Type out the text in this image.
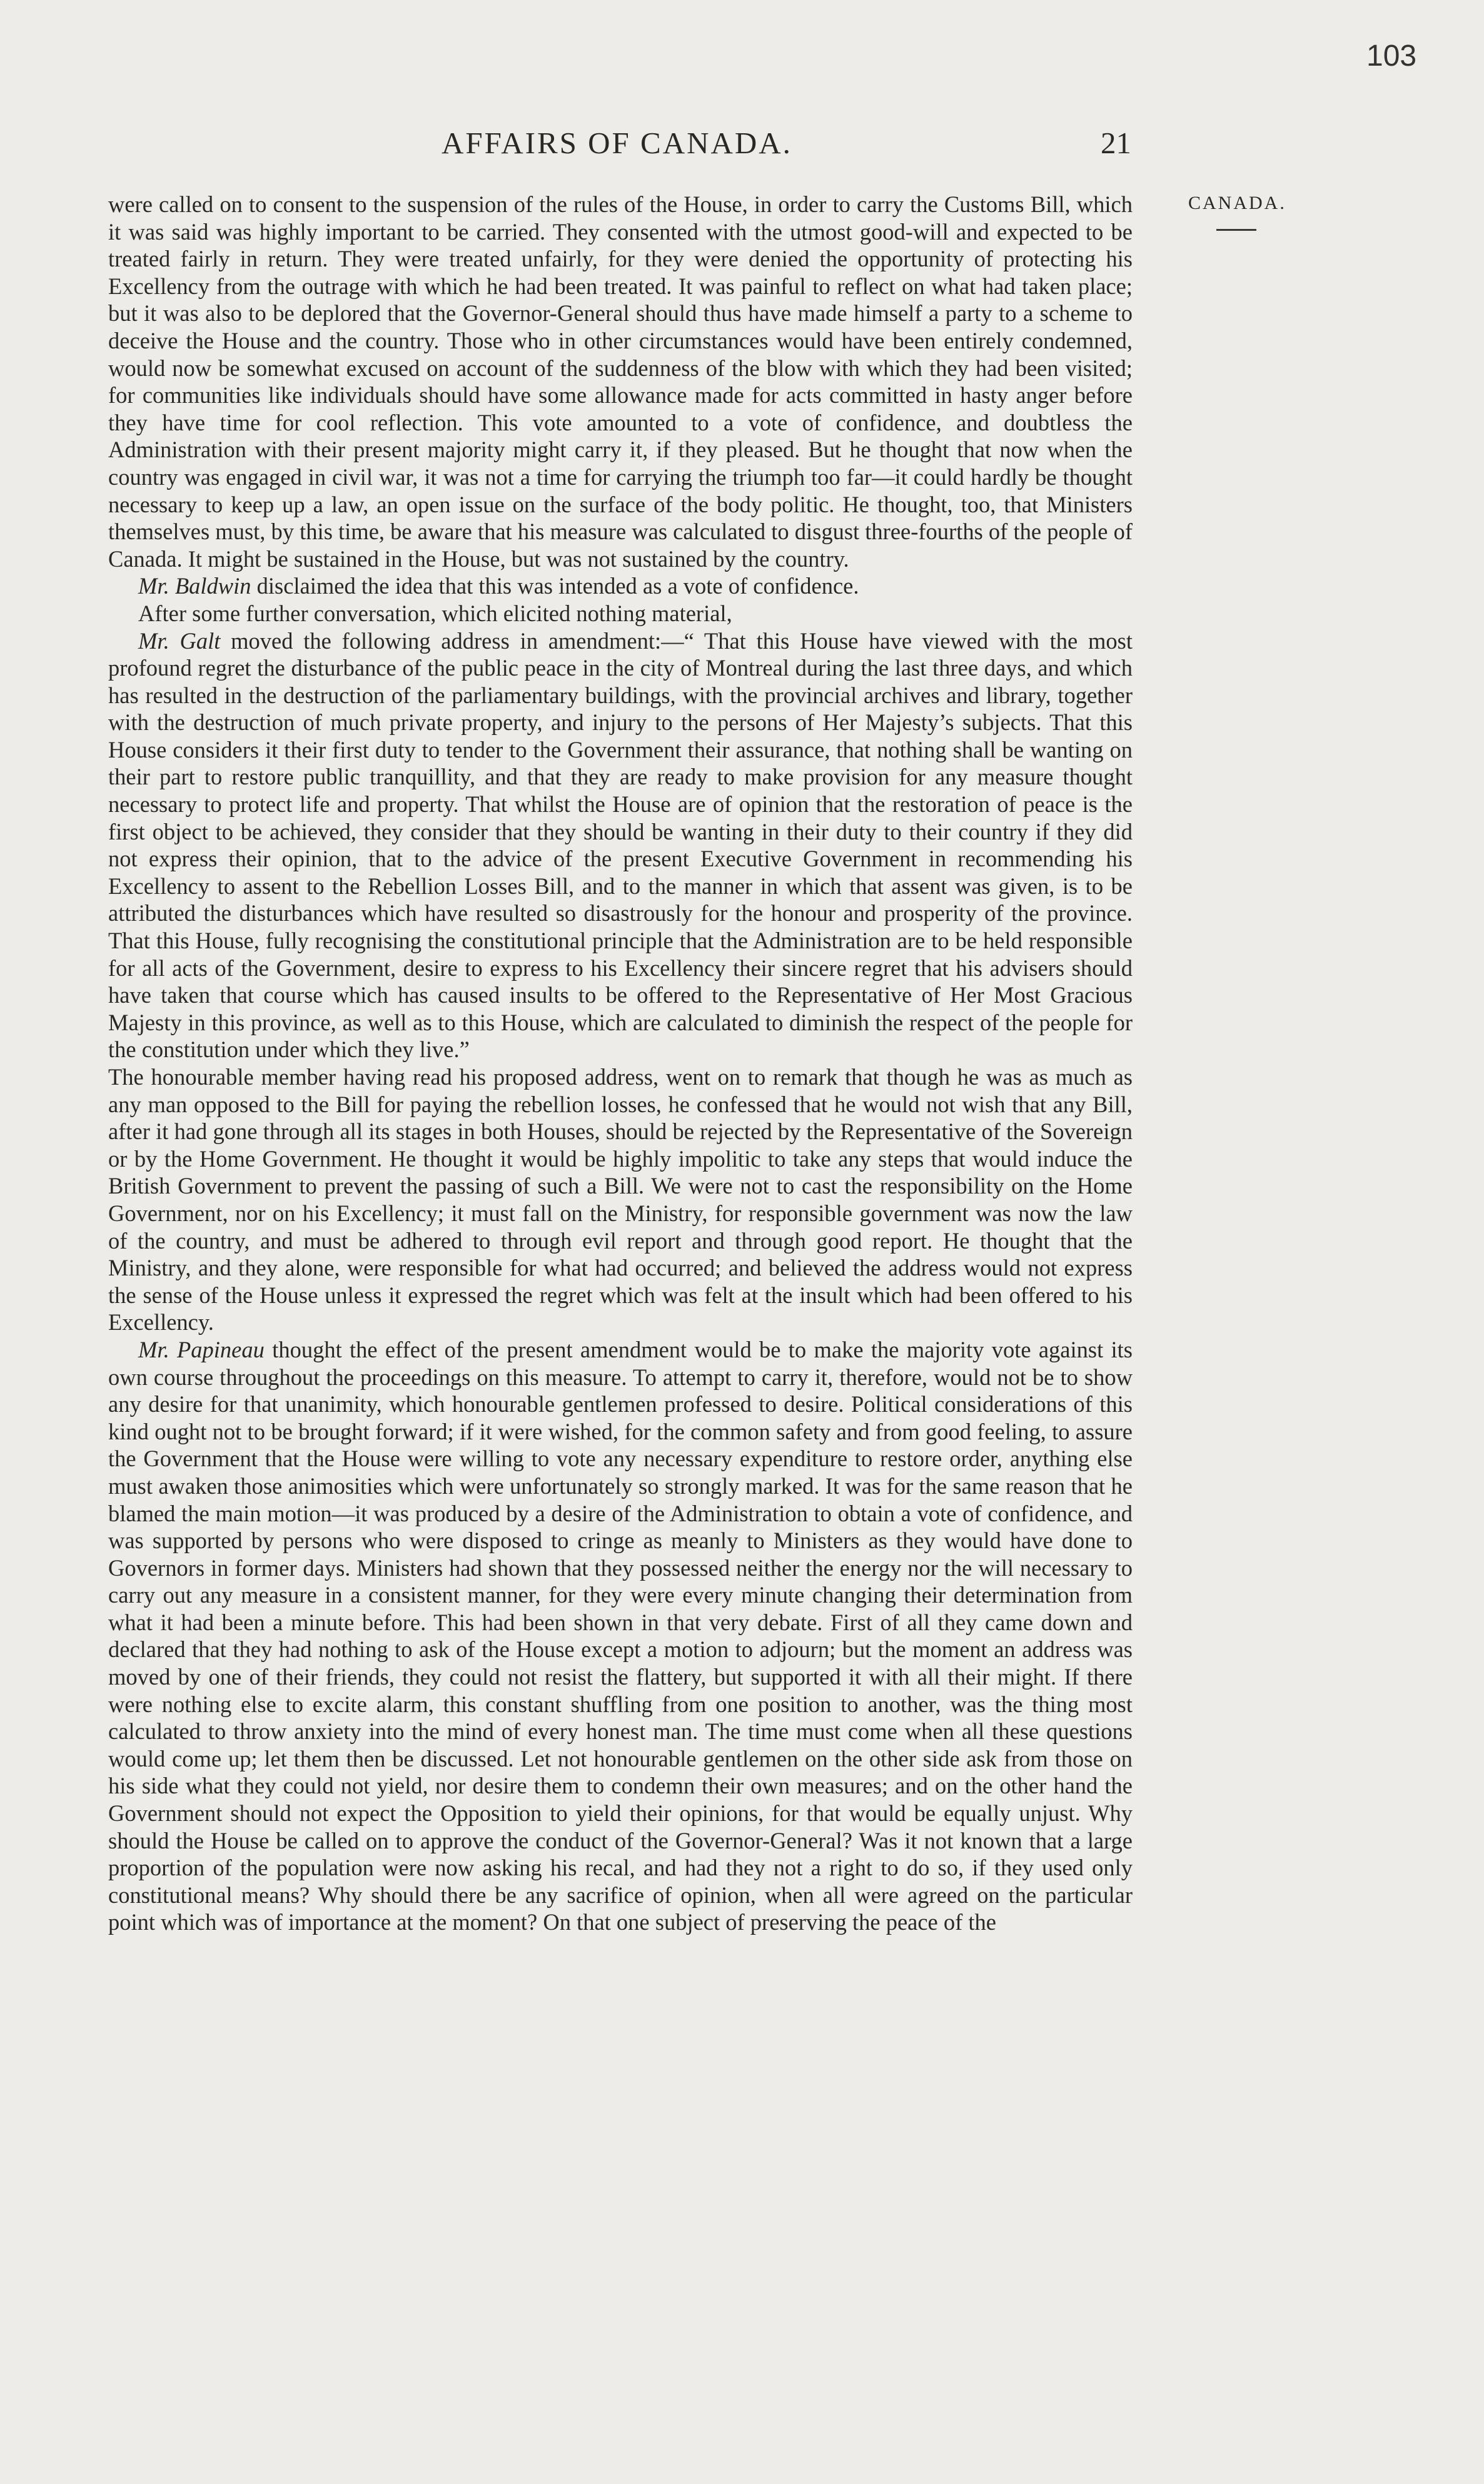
103
AFFAIRS OF CANADA.	21
CANADA.

were called on to consent to the suspension of the rules of the House, in order to carry the Customs Bill, which it was said was highly important to be carried. They consented with the utmost good-will and expected to be treated fairly in return. They were treated unfairly, for they were denied the opportunity of protecting his Excellency from the outrage with which he had been treated. It was painful to reflect on what had taken place; but it was also to be deplored that the Governor-General should thus have made himself a party to a scheme to deceive the House and the country. Those who in other circumstances would have been entirely condemned, would now be somewhat excused on account of the suddenness of the blow with which they had been visited; for communities like individuals should have some allowance made for acts committed in hasty anger before they have time for cool reflection. This vote amounted to a vote of confidence, and doubtless the Administration with their present majority might carry it, if they pleased. But he thought that now when the country was engaged in civil war, it was not a time for carrying the triumph too far—it could hardly be thought necessary to keep up a law, an open issue on the surface of the body politic. He thought, too, that Ministers themselves must, by this time, be aware that his measure was calculated to disgust three-fourths of the people of Canada. It might be sustained in the House, but was not sustained by the country.

Mr. Baldwin disclaimed the idea that this was intended as a vote of confidence.

After some further conversation, which elicited nothing material,

Mr. Galt moved the following address in amendment:—“ That this House have viewed with the most profound regret the disturbance of the public peace in the city of Montreal during the last three days, and which has resulted in the destruction of the parliamentary buildings, with the provincial archives and library, together with the destruction of much private property, and injury to the persons of Her Majesty’s subjects. That this House considers it their first duty to tender to the Government their assurance, that nothing shall be wanting on their part to restore public tranquillity, and that they are ready to make provision for any measure thought necessary to protect life and property. That whilst the House are of opinion that the restoration of peace is the first object to be achieved, they consider that they should be wanting in their duty to their country if they did not express their opinion, that to the advice of the present Executive Government in recommending his Excellency to assent to the Rebellion Losses Bill, and to the manner in which that assent was given, is to be attributed the disturbances which have resulted so disastrously for the honour and prosperity of the province. That this House, fully recognising the constitutional principle that the Administration are to be held responsible for all acts of the Government, desire to express to his Excellency their sincere regret that his advisers should have taken that course which has caused insults to be offered to the Representative of Her Most Gracious Majesty in this province, as well as to this House, which are calculated to diminish the respect of the people for the constitution under which they live.”

The honourable member having read his proposed address, went on to remark that though he was as much as any man opposed to the Bill for paying the rebellion losses, he confessed that he would not wish that any Bill, after it had gone through all its stages in both Houses, should be rejected by the Representative of the Sovereign or by the Home Government. He thought it would be highly impolitic to take any steps that would induce the British Government to prevent the passing of such a Bill. We were not to cast the responsibility on the Home Government, nor on his Excellency; it must fall on the Ministry, for responsible government was now the law of the country, and must be adhered to through evil report and through good report. He thought that the Ministry, and they alone, were responsible for what had occurred; and believed the address would not express the sense of the House unless it expressed the regret which was felt at the insult which had been offered to his Excellency.

Mr. Papineau thought the effect of the present amendment would be to make the majority vote against its own course throughout the proceedings on this measure. To attempt to carry it, therefore, would not be to show any desire for that unanimity, which honourable gentlemen professed to desire. Political considerations of this kind ought not to be brought forward; if it were wished, for the common safety and from good feeling, to assure the Government that the House were willing to vote any necessary expenditure to restore order, anything else must awaken those animosities which were unfortunately so strongly marked. It was for the same reason that he blamed the main motion—it was produced by a desire of the Administration to obtain a vote of confidence, and was supported by persons who were disposed to cringe as meanly to Ministers as they would have done to Governors in former days. Ministers had shown that they possessed neither the energy nor the will necessary to carry out any measure in a consistent manner, for they were every minute changing their determination from what it had been a minute before. This had been shown in that very debate. First of all they came down and declared that they had nothing to ask of the House except a motion to adjourn; but the moment an address was moved by one of their friends, they could not resist the flattery, but supported it with all their might. If there were nothing else to excite alarm, this constant shuffling from one position to another, was the thing most calculated to throw anxiety into the mind of every honest man. The time must come when all these questions would come up; let them then be discussed. Let not honourable gentlemen on the other side ask from those on his side what they could not yield, nor desire them to condemn their own measures; and on the other hand the Government should not expect the Opposition to yield their opinions, for that would be equally unjust. Why should the House be called on to approve the conduct of the Governor-General? Was it not known that a large proportion of the population were now asking his recal, and had they not a right to do so, if they used only constitutional means? Why should there be any sacrifice of opinion, when all were agreed on the particular point which was of importance at the moment? On that one subject of preserving the peace of the
